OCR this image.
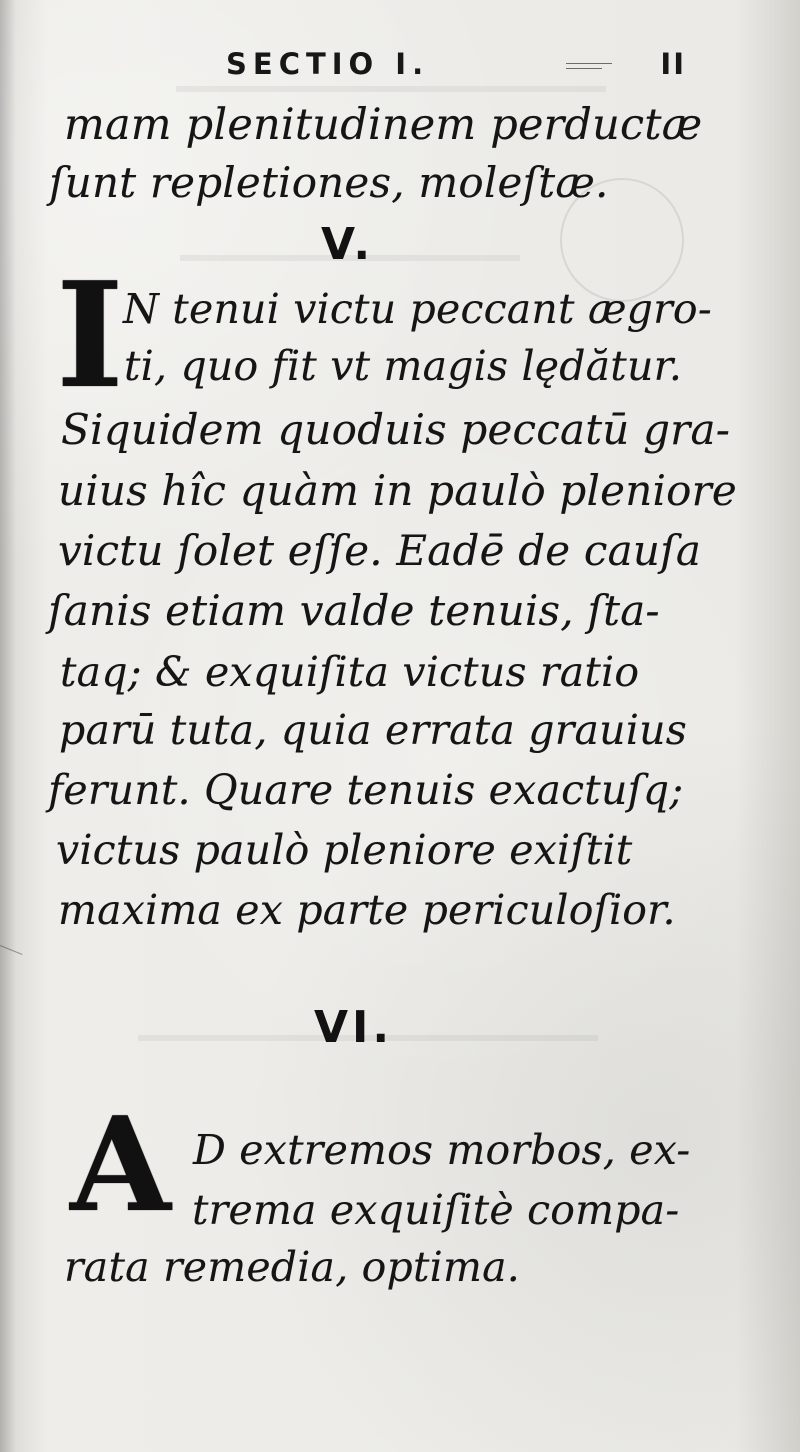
SECTIO I.	II
mam plenitudinem perductæ
ſunt repletiones, moleſtæ.
V.
I N tenui victu peccant ægro-
ti, quo fit vt magis lędătur.
Siquidem quoduis peccatū gra-
uius hîc quàm in paulò pleniore
victu ſolet eſſe. Eadē de cauſa
ſanis etiam valde tenuis, ſta-
taq; & exquiſita victus ratio
parū tuta, quia errata grauius
ferunt. Quare tenuis exactuſq;
victus paulò pleniore exiſtit
maxima ex parte periculoſior.
VI.
A D extremos morbos, ex-
trema exquiſitè compa-
rata remedia, optima.
